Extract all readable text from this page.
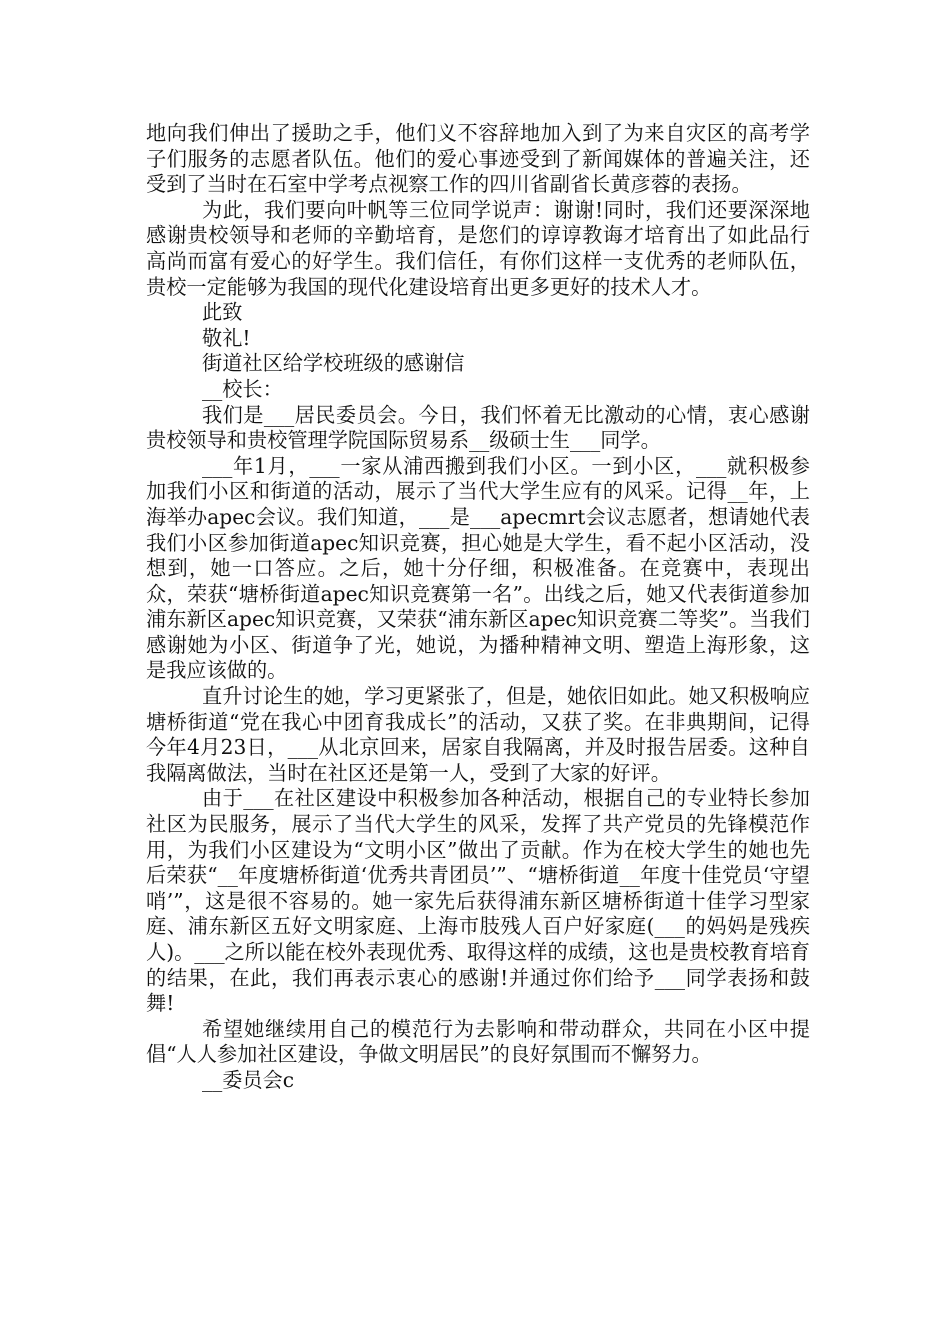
地向我们伸出了援助之手，他们义不容辞地加入到了为来自灾区的高考学子们服务的志愿者队伍。他们的爱心事迹受到了新闻媒体的普遍关注，还受到了当时在石室中学考点视察工作的四川省副省长黄彦蓉的表扬。

为此，我们要向叶帆等三位同学说声：谢谢!同时，我们还要深深地感谢贵校领导和老师的辛勤培育，是您们的谆谆教诲才培育出了如此品行高尚而富有爱心的好学生。我们信任，有你们这样一支优秀的老师队伍，贵校一定能够为我国的现代化建设培育出更多更好的技术人才。

此致

敬礼!

街道社区给学校班级的感谢信

__校长：

我们是___居民委员会。今日，我们怀着无比激动的心情，衷心感谢贵校领导和贵校管理学院国际贸易系__级硕士生___同学。

___年1月，___一家从浦西搬到我们小区。一到小区，___就积极参加我们小区和街道的活动，展示了当代大学生应有的风采。记得__年，上海举办apec会议。我们知道，___是___apecmrt会议志愿者，想请她代表我们小区参加街道apec知识竞赛，担心她是大学生，看不起小区活动，没想到，她一口答应。之后，她十分仔细，积极准备。在竞赛中，表现出众，荣获“塘桥街道apec知识竞赛第一名”。出线之后，她又代表街道参加浦东新区apec知识竞赛，又荣获“浦东新区apec知识竞赛二等奖”。当我们感谢她为小区、街道争了光，她说，为播种精神文明、塑造上海形象，这是我应该做的。

直升讨论生的她，学习更紧张了，但是，她依旧如此。她又积极响应塘桥街道“党在我心中团育我成长”的活动，又获了奖。在非典期间，记得今年4月23日，___从北京回来，居家自我隔离，并及时报告居委。这种自我隔离做法，当时在社区还是第一人，受到了大家的好评。

由于___在社区建设中积极参加各种活动，根据自己的专业特长参加社区为民服务，展示了当代大学生的风采，发挥了共产党员的先锋模范作用，为我们小区建设为“文明小区”做出了贡献。作为在校大学生的她也先后荣获“__年度塘桥街道‘优秀共青团员’”、“塘桥街道__年度十佳党员‘守望哨’”，这是很不容易的。她一家先后获得浦东新区塘桥街道十佳学习型家庭、浦东新区五好文明家庭、上海市肢残人百户好家庭(___的妈妈是残疾人)。___之所以能在校外表现优秀、取得这样的成绩，这也是贵校教育培育的结果，在此，我们再表示衷心的感谢!并通过你们给予___同学表扬和鼓舞!

希望她继续用自己的模范行为去影响和带动群众，共同在小区中提倡“人人参加社区建设，争做文明居民”的良好氛围而不懈努力。

__委员会c
